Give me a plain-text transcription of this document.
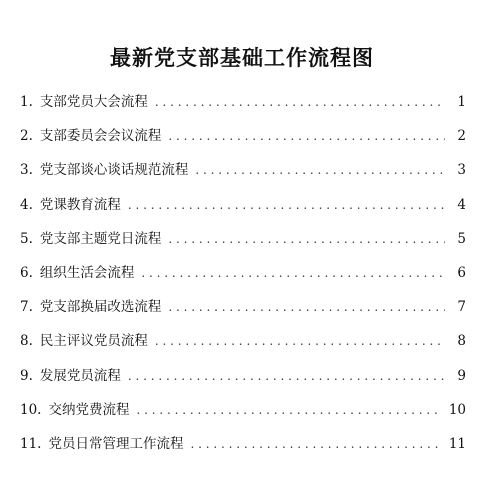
最新党支部基础工作流程图
1. 支部党员大会流程 . . .	1
2. 支部委员会会议流程 . . .	2
3. 党支部谈心谈话规范流程 . . .	3
4. 党课教育流程 . . .	4
5. 党支部主题党日流程 . . .	5
6. 组织生活会流程 . . .	6
7. 党支部换届改选流程 . . .	7
8. 民主评议党员流程 . . .	8
9. 发展党员流程 . . .	9
10. 交纳党费流程 . . .	10
11. 党员日常管理工作流程 . . .	11
